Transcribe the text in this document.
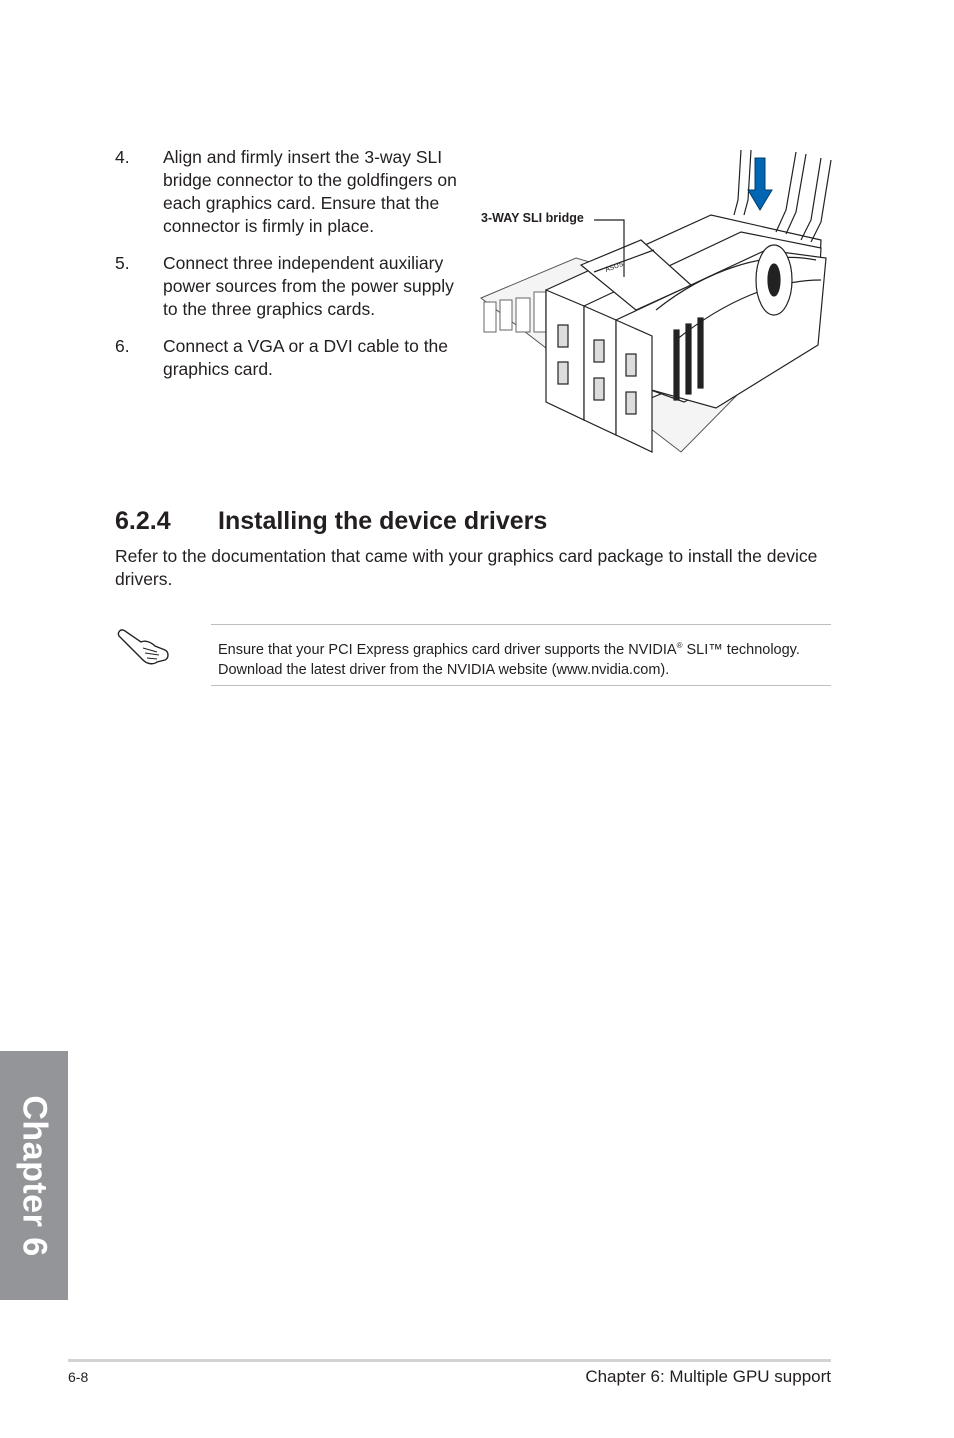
4.	Align and firmly insert the 3-way SLI bridge connector to the goldfingers on each graphics card. Ensure that the connector is firmly in place.
5.	Connect three independent auxiliary power sources from the power supply to the three graphics cards.
6.	Connect a VGA or a DVI cable to the graphics card.
ASUS
3-WAY SLI bridge
6.2.4 Installing the device drivers
Refer to the documentation that came with your graphics card package to install the device drivers.
Ensure that your PCI Express graphics card driver supports the NVIDIA® SLI™ technology.
Download the latest driver from the NVIDIA website (www.nvidia.com).
Chapter 6
6-8	Chapter 6: Multiple GPU support
